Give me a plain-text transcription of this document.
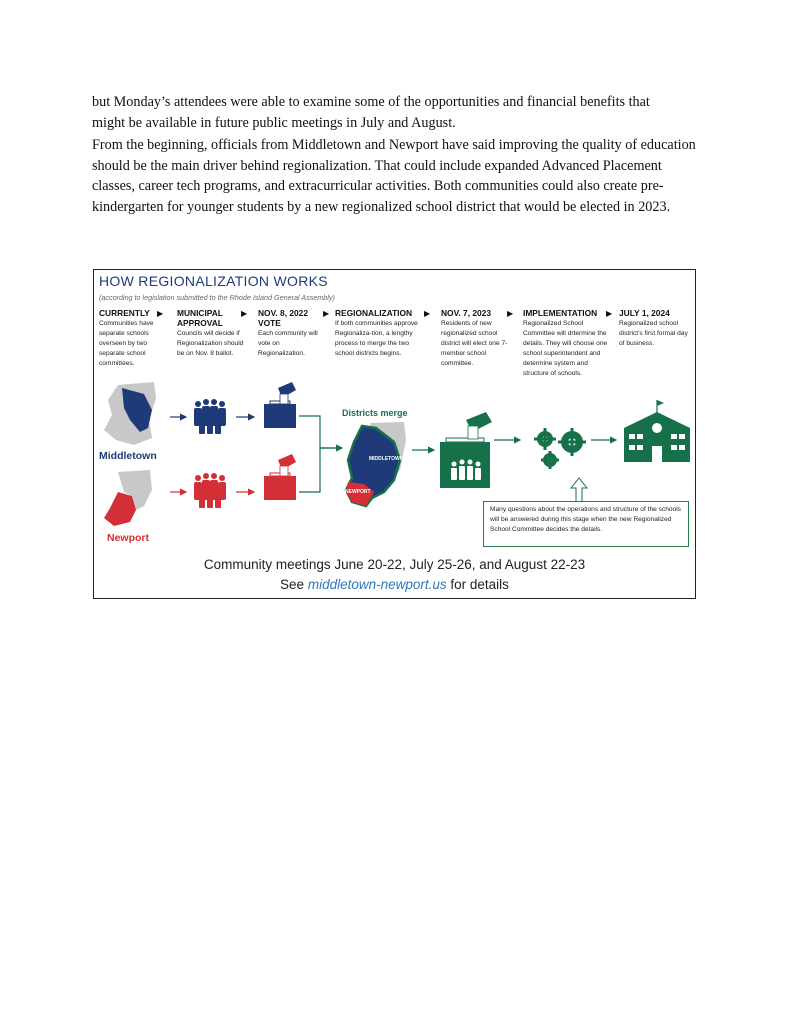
but Monday’s attendees were able to examine some of the opportunities and financial benefits that might be available in future public meetings in July and August.

From the beginning, officials from Middletown and Newport have said improving the quality of education should be the main driver behind regionalization. That could include expanded Advanced Placement classes, career tech programs, and extracurricular activities. Both communities could also create pre-kindergarten for younger students by a new regionalized school district that would be elected in 2023.

HOW REGIONALIZATION WORKS
(according to legislation submitted to the Rhode Island General Assembly)
CURRENTLY
Communities have separate schools overseen by two separate school committees.
▶ MUNICIPAL APPROVAL
Councils will decide if Regionalization should be on Nov. 8 ballot.
▶ NOV. 8, 2022 VOTE
Each community will vote on Regionalization.
▶ REGIONALIZATION
If both communities approve Regionaliza-tion, a lengthy process to merge the two school districts begins.
▶ NOV. 7, 2023
Residents of new regionalized school district will elect one 7-member school committee.
▶ IMPLEMENTATION
Regionalized School Committee will drtermine the details. They will choose one school superintendent and determine system and structure of schools.
▶ JULY 1, 2024
Regionalized school district’s first formal day of business.
Middletown
Newport
Districts merge
MIDDLETOWN
NEWPORT
Many questions about the operations and structure of the schools will be answered during this stage when the new Regionalized School Committee decides the details.
Community meetings June 20-22, July 25-26, and August 22-23
See middletown-newport.us for details
